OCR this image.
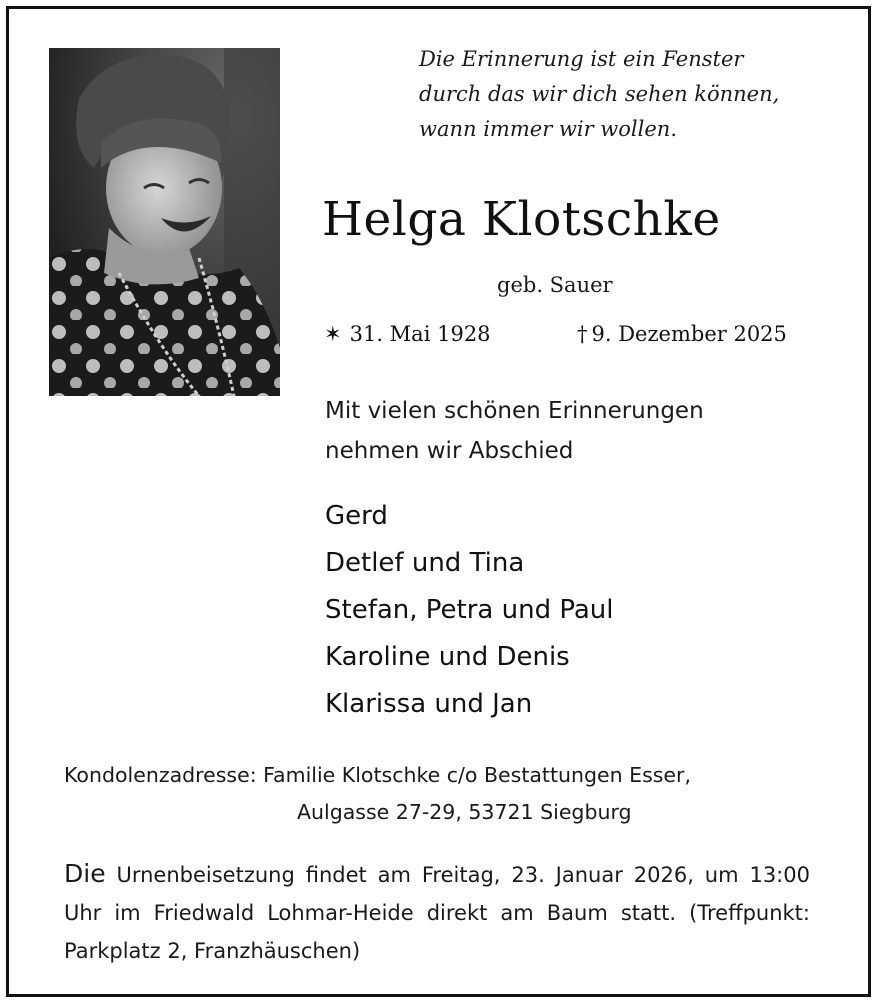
Die Erinnerung ist ein Fenster
durch das wir dich sehen können,
wann immer wir wollen.
Helga Klotschke
geb. Sauer
✶ 31. Mai 1928	† 9. Dezember 2025
Mit vielen schönen Erinnerungen
nehmen wir Abschied
Gerd
Detlef und Tina
Stefan, Petra und Paul
Karoline und Denis
Klarissa und Jan
Kondolenzadresse: Familie Klotschke c/o Bestattungen Esser,
Aulgasse 27-29, 53721 Siegburg
Die Urnenbeisetzung findet am Freitag, 23. Januar 2026, um 13:00 Uhr im Friedwald Lohmar-Heide direkt am Baum statt. (Treffpunkt: Parkplatz 2, Franzhäuschen)
